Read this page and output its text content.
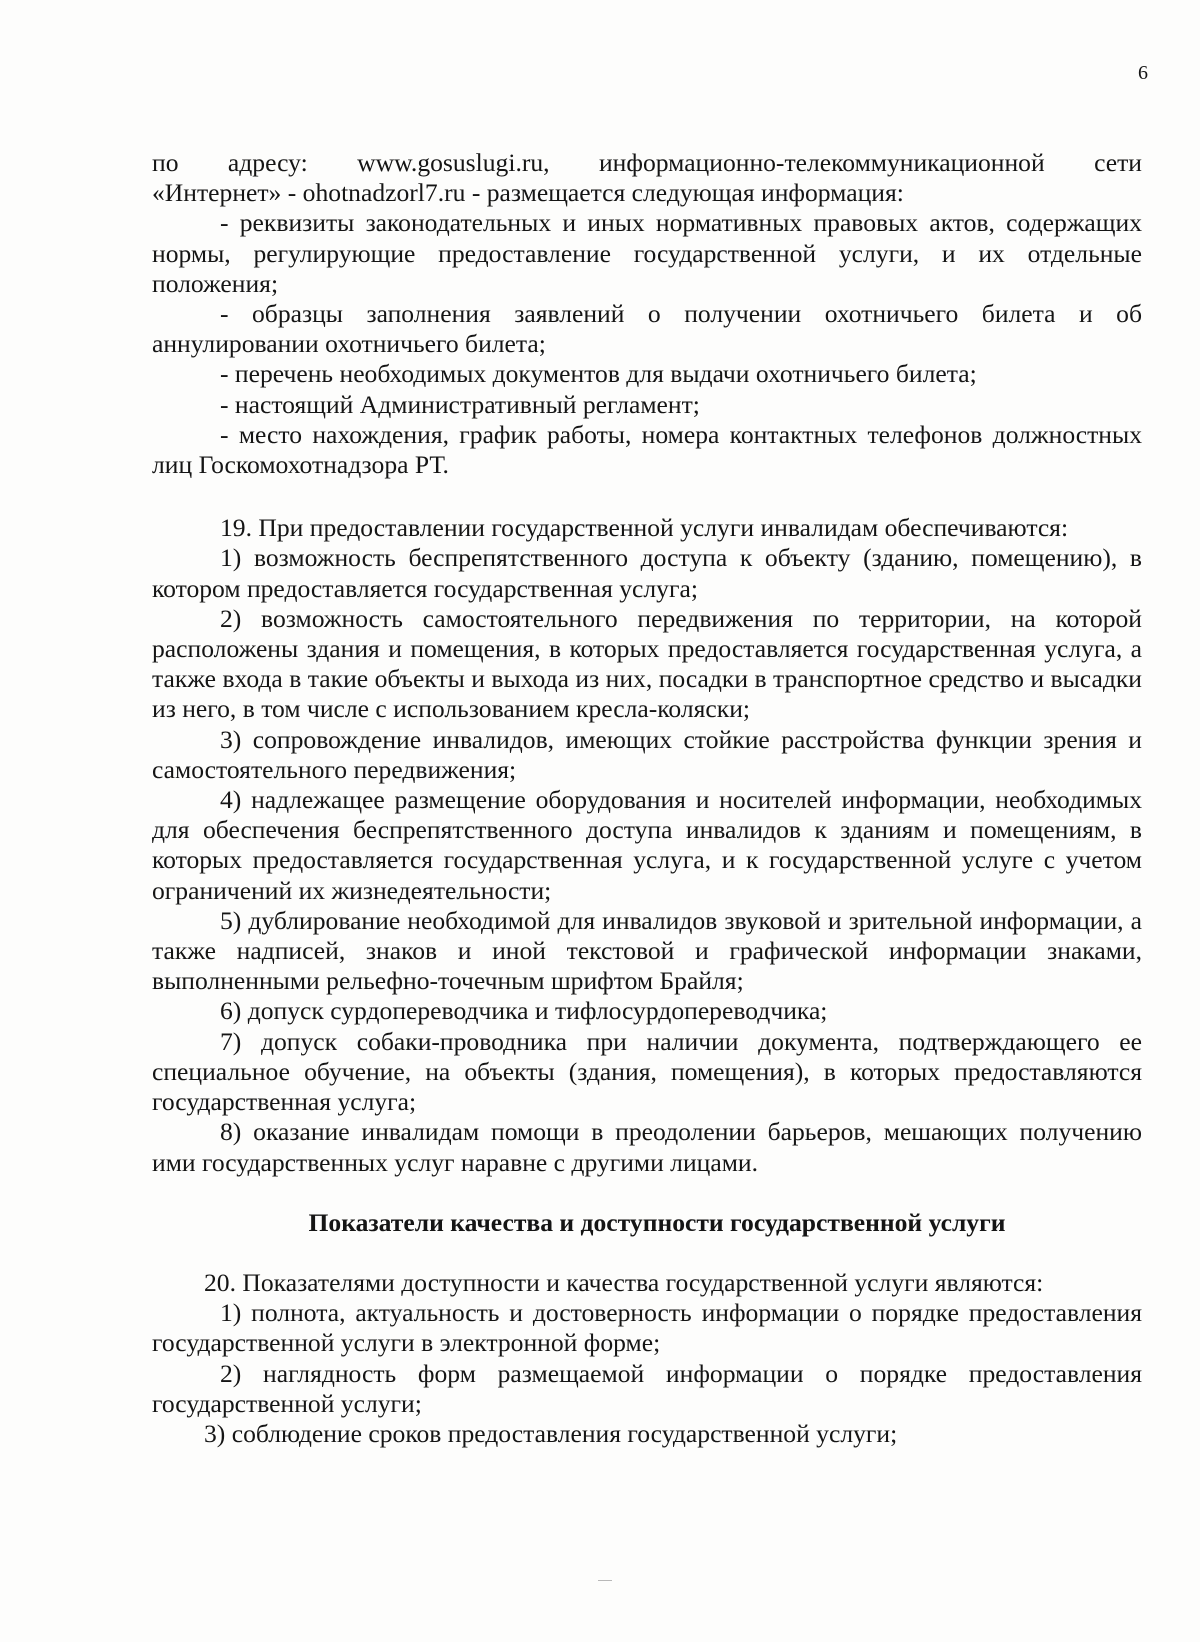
6

по адресу: www.gosuslugi.ru, информационно-телекоммуникационной сети

«Интернет» - ohotnadzorl7.ru - размещается следующая информация:

- реквизиты законодательных и иных нормативных правовых актов, содержащих нормы, регулирующие предоставление государственной услуги, и их отдельные положения;

- образцы заполнения заявлений о получении охотничьего билета и об аннулировании охотничьего билета;

- перечень необходимых документов для выдачи охотничьего билета;

- настоящий Административный регламент;

- место нахождения, график работы, номера контактных телефонов должностных лиц Госкомохотнадзора РТ.

19. При предоставлении государственной услуги инвалидам обеспечиваются:

1) возможность беспрепятственного доступа к объекту (зданию, помещению), в котором предоставляется государственная услуга;

2) возможность самостоятельного передвижения по территории, на которой расположены здания и помещения, в которых предоставляется государственная услуга, а также входа в такие объекты и выхода из них, посадки в транспортное средство и высадки из него, в том числе с использованием кресла-коляски;

3) сопровождение инвалидов, имеющих стойкие расстройства функции зрения и самостоятельного передвижения;

4) надлежащее размещение оборудования и носителей информации, необходимых для обеспечения беспрепятственного доступа инвалидов к зданиям и помещениям, в которых предоставляется государственная услуга, и к государственной услуге с учетом ограничений их жизнедеятельности;

5) дублирование необходимой для инвалидов звуковой и зрительной информации, а также надписей, знаков и иной текстовой и графической информации знаками, выполненными рельефно-точечным шрифтом Брайля;

6) допуск сурдопереводчика и тифлосурдопереводчика;

7) допуск собаки-проводника при наличии документа, подтверждающего ее специальное обучение, на объекты (здания, помещения), в которых предоставляются государственная услуга;

8) оказание инвалидам помощи в преодолении барьеров, мешающих получению ими государственных услуг наравне с другими лицами.

Показатели качества и доступности государственной услуги

20. Показателями доступности и качества государственной услуги являются:

1) полнота, актуальность и достоверность информации о порядке предоставления государственной услуги в электронной форме;

2) наглядность форм размещаемой информации о порядке предоставления государственной услуги;

3) соблюдение сроков предоставления государственной услуги;
